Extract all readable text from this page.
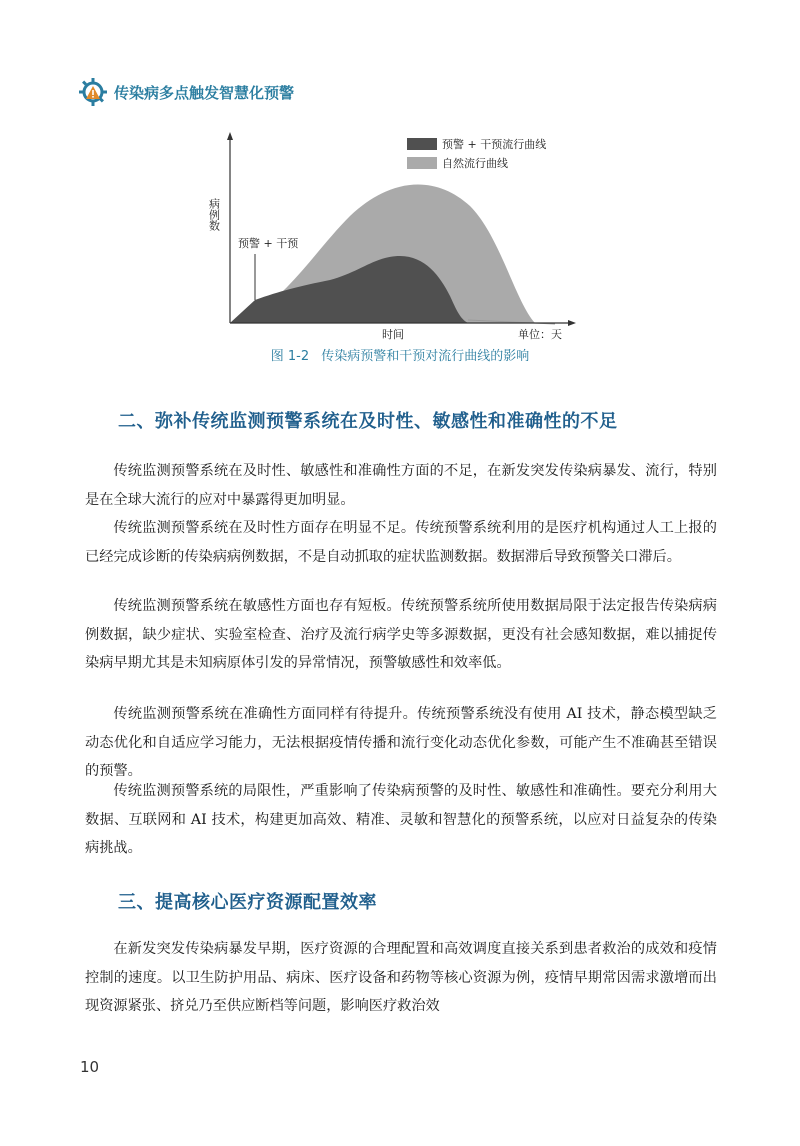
传染病多点触发智慧化预警
预警 + 干预
病例数
时间	单位：天
预警 + 干预流行曲线
自然流行曲线
图 1-2 传染病预警和干预对流行曲线的影响
二、弥补传统监测预警系统在及时性、敏感性和准确性的不足

传统监测预警系统在及时性、敏感性和准确性方面的不足，在新发突发传染病暴发、流行，特别是在全球大流行的应对中暴露得更加明显。

传统监测预警系统在及时性方面存在明显不足。传统预警系统利用的是医疗机构通过人工上报的已经完成诊断的传染病病例数据，不是自动抓取的症状监测数据。数据滞后导致预警关口滞后。

传统监测预警系统在敏感性方面也存有短板。传统预警系统所使用数据局限于法定报告传染病病例数据，缺少症状、实验室检查、治疗及流行病学史等多源数据，更没有社会感知数据，难以捕捉传染病早期尤其是未知病原体引发的异常情况，预警敏感性和效率低。

传统监测预警系统在准确性方面同样有待提升。传统预警系统没有使用 AI 技术，静态模型缺乏动态优化和自适应学习能力，无法根据疫情传播和流行变化动态优化参数，可能产生不准确甚至错误的预警。

传统监测预警系统的局限性，严重影响了传染病预警的及时性、敏感性和准确性。要充分利用大数据、互联网和 AI 技术，构建更加高效、精准、灵敏和智慧化的预警系统，以应对日益复杂的传染病挑战。

三、提高核心医疗资源配置效率

在新发突发传染病暴发早期，医疗资源的合理配置和高效调度直接关系到患者救治的成效和疫情控制的速度。以卫生防护用品、病床、医疗设备和药物等核心资源为例，疫情早期常因需求激增而出现资源紧张、挤兑乃至供应断档等问题，影响医疗救治效

10
